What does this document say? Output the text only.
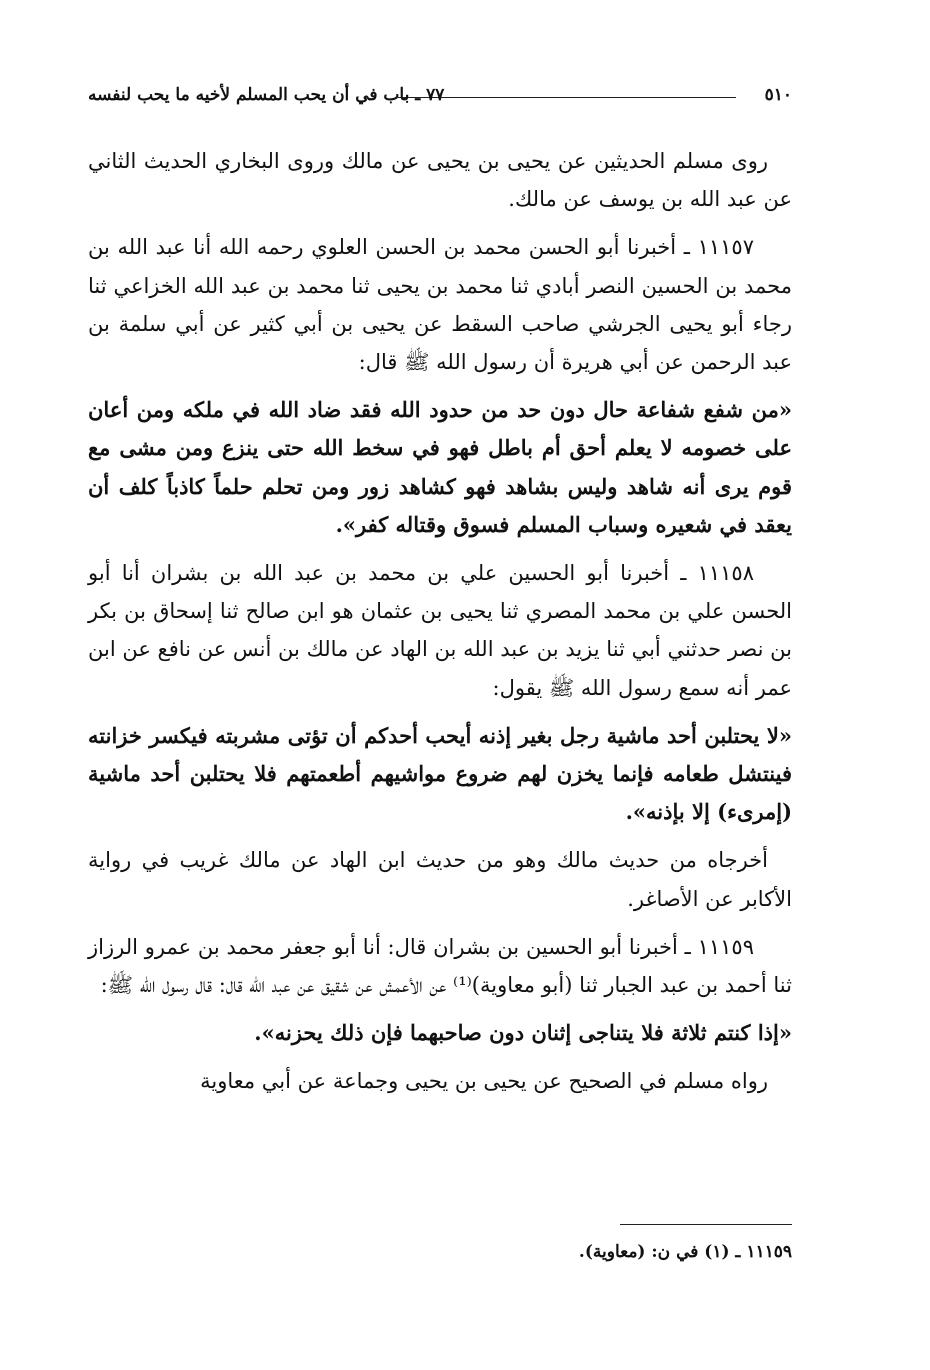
٥١٠
٧٧ ـ باب في أن يحب المسلم لأخيه ما يحب لنفسه

روى مسلم الحديثين عن يحيى بن يحيى عن مالك وروى البخاري الحديث الثاني عن عبد الله بن يوسف عن مالك.

١١١٥٧ ـ أخبرنا أبو الحسن محمد بن الحسن العلوي رحمه الله أنا عبد الله بن محمد بن الحسين النصر أبادي ثنا محمد بن يحيى ثنا محمد بن عبد الله الخزاعي ثنا رجاء أبو يحيى الجرشي صاحب السقط عن يحيى بن أبي كثير عن أبي سلمة بن عبد الرحمن عن أبي هريرة أن رسول الله ﷺ قال:

«من شفع شفاعة حال دون حد من حدود الله فقد ضاد الله في ملكه ومن أعان على خصومه لا يعلم أحق أم باطل فهو في سخط الله حتى ينزع ومن مشى مع قوم يرى أنه شاهد وليس بشاهد فهو كشاهد زور ومن تحلم حلماً كاذباً كلف أن يعقد في شعيره وسباب المسلم فسوق وقتاله كفر».

١١١٥٨ ـ أخبرنا أبو الحسين علي بن محمد بن عبد الله بن بشران أنا أبو الحسن علي بن محمد المصري ثنا يحيى بن عثمان هو ابن صالح ثنا إسحاق بن بكر بن نصر حدثني أبي ثنا يزيد بن عبد الله بن الهاد عن مالك بن أنس عن نافع عن ابن عمر أنه سمع رسول الله ﷺ يقول:

«لا يحتلبن أحد ماشية رجل بغير إذنه أيحب أحدكم أن تؤتى مشربته فيكسر خزانته فينتشل طعامه فإنما يخزن لهم ضروع مواشيهم أطعمتهم فلا يحتلبن أحد ماشية (إمرىء) إلا بإذنه».

أخرجاه من حديث مالك وهو من حديث ابن الهاد عن مالك غريب في رواية الأكابر عن الأصاغر.

١١١٥٩ ـ أخبرنا أبو الحسين بن بشران قال: أنا أبو جعفر محمد بن عمرو الرزاز ثنا أحمد بن عبد الجبار ثنا (أبو معاوية)⁽¹⁾ عن الأعمش عن شقيق عن عبد الله قال: قال رسول الله ﷺ:

«إذا كنتم ثلاثة فلا يتناجى إثنان دون صاحبهما فإن ذلك يحزنه».

رواه مسلم في الصحيح عن يحيى بن يحيى وجماعة عن أبي معاوية

١١١٥٩ ـ (١) في ن: (معاوية).
